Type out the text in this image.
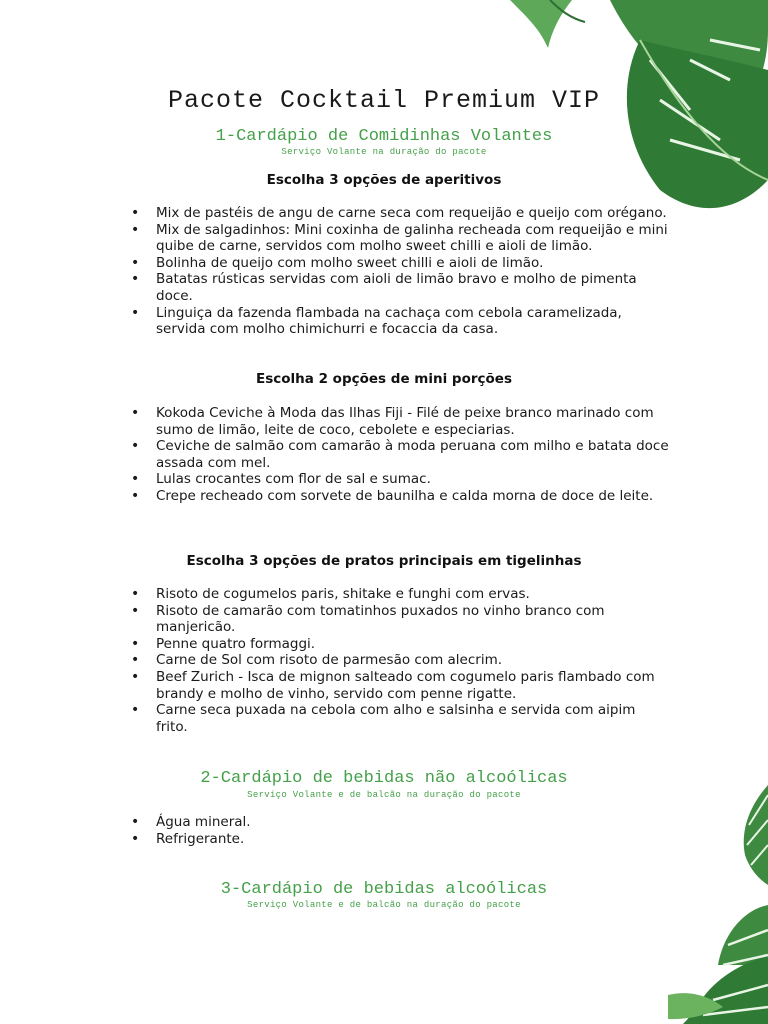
Pacote Cocktail Premium VIP
1-Cardápio de Comidinhas Volantes
Serviço Volante na duração do pacote
Escolha 3 opções de aperitivos
• Mix de pastéis de angu de carne seca com requeijão e queijo com orégano.
• Mix de salgadinhos: Mini coxinha de galinha recheada com requeijão e mini quibe de carne, servidos com molho sweet chilli e aioli de limão.
• Bolinha de queijo com molho sweet chilli e aioli de limão.
• Batatas rústicas servidas com aioli de limão bravo e molho de pimenta doce.
• Linguiça da fazenda flambada na cachaça com cebola caramelizada, servida com molho chimichurri e focaccia da casa.
Escolha 2 opções de mini porções
• Kokoda Ceviche à Moda das Ilhas Fiji - Filé de peixe branco marinado com sumo de limão, leite de coco, cebolete e especiarias.
• Ceviche de salmão com camarão à moda peruana com milho e batata doce assada com mel.
• Lulas crocantes com flor de sal e sumac.
• Crepe recheado com sorvete de baunilha e calda morna de doce de leite.
Escolha 3 opções de pratos principais em tigelinhas
• Risoto de cogumelos paris, shitake e funghi com ervas.
• Risoto de camarão com tomatinhos puxados no vinho branco com manjericão.
• Penne quatro formaggi.
• Carne de Sol com risoto de parmesão com alecrim.
• Beef Zurich - Isca de mignon salteado com cogumelo paris flambado com brandy e molho de vinho, servido com penne rigatte.
• Carne seca puxada na cebola com alho e salsinha e servida com aipim frito.
2-Cardápio de bebidas não alcoólicas
Serviço Volante e de balcão na duração do pacote
• Água mineral.
• Refrigerante.
3-Cardápio de bebidas alcoólicas
Serviço Volante e de balcão na duração do pacote
